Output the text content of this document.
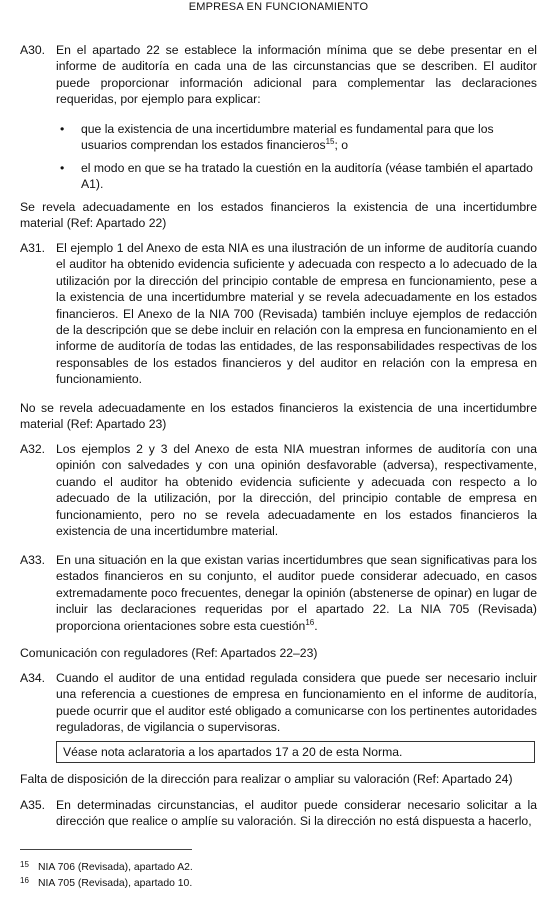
EMPRESA EN FUNCIONAMIENTO
A30. En el apartado 22 se establece la información mínima que se debe presentar en el informe de auditoría en cada una de las circunstancias que se describen. El auditor puede proporcionar información adicional para complementar las declaraciones requeridas, por ejemplo para explicar:
• que la existencia de una incertidumbre material es fundamental para que los usuarios comprendan los estados financieros$^{15}$; o
• el modo en que se ha tratado la cuestión en la auditoría (véase también el apartado A1).
Se revela adecuadamente en los estados financieros la existencia de una incertidumbre material (Ref: Apartado 22)
A31. El ejemplo 1 del Anexo de esta NIA es una ilustración de un informe de auditoría cuando el auditor ha obtenido evidencia suficiente y adecuada con respecto a lo adecuado de la utilización por la dirección del principio contable de empresa en funcionamiento, pese a la existencia de una incertidumbre material y se revela adecuadamente en los estados financieros. El Anexo de la NIA 700 (Revisada) también incluye ejemplos de redacción de la descripción que se debe incluir en relación con la empresa en funcionamiento en el informe de auditoría de todas las entidades, de las responsabilidades respectivas de los responsables de los estados financieros y del auditor en relación con la empresa en funcionamiento.
No se revela adecuadamente en los estados financieros la existencia de una incertidumbre material (Ref: Apartado 23)
A32. Los ejemplos 2 y 3 del Anexo de esta NIA muestran informes de auditoría con una opinión con salvedades y con una opinión desfavorable (adversa), respectivamente, cuando el auditor ha obtenido evidencia suficiente y adecuada con respecto a lo adecuado de la utilización, por la dirección, del principio contable de empresa en funcionamiento, pero no se revela adecuadamente en los estados financieros la existencia de una incertidumbre material.
A33. En una situación en la que existan varias incertidumbres que sean significativas para los estados financieros en su conjunto, el auditor puede considerar adecuado, en casos extremadamente poco frecuentes, denegar la opinión (abstenerse de opinar) en lugar de incluir las declaraciones requeridas por el apartado 22. La NIA 705 (Revisada) proporciona orientaciones sobre esta cuestión$^{16}$.
Comunicación con reguladores (Ref: Apartados 22–23)
A34. Cuando el auditor de una entidad regulada considera que puede ser necesario incluir una referencia a cuestiones de empresa en funcionamiento en el informe de auditoría, puede ocurrir que el auditor esté obligado a comunicarse con los pertinentes autoridades reguladoras, de vigilancia o supervisoras.
Véase nota aclaratoria a los apartados 17 a 20 de esta Norma.
Falta de disposición de la dirección para realizar o ampliar su valoración (Ref: Apartado 24)
A35. En determinadas circunstancias, el auditor puede considerar necesario solicitar a la dirección que realice o amplíe su valoración. Si la dirección no está dispuesta a hacerlo,
15 NIA 706 (Revisada), apartado A2.
16 NIA 705 (Revisada), apartado 10.
